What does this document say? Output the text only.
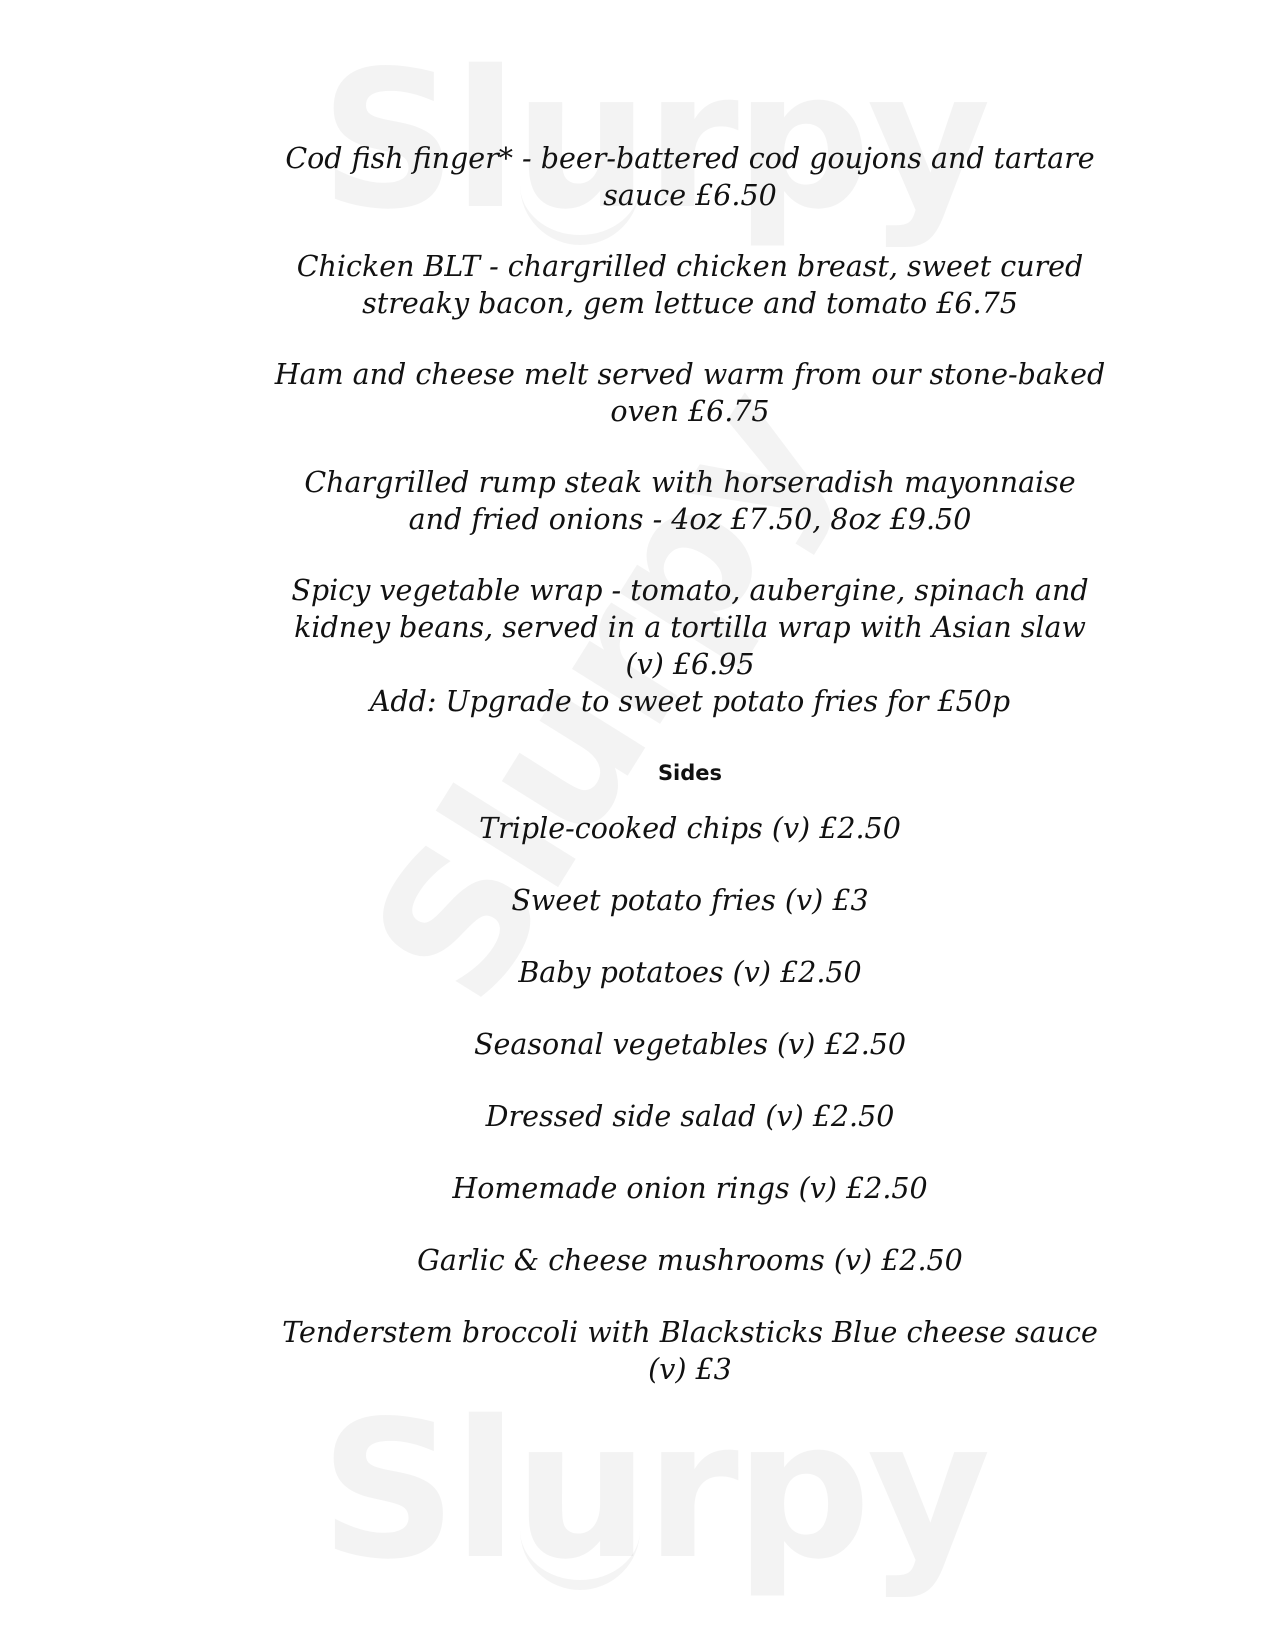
Cod fish finger* - beer-battered cod goujons and tartare
sauce £6.50
Chicken BLT - chargrilled chicken breast, sweet cured
streaky bacon, gem lettuce and tomato £6.75
Ham and cheese melt served warm from our stone-baked
oven £6.75
Chargrilled rump steak with horseradish mayonnaise
and fried onions - 4oz £7.50, 8oz £9.50
Spicy vegetable wrap - tomato, aubergine, spinach and
kidney beans, served in a tortilla wrap with Asian slaw
(v) £6.95
Add: Upgrade to sweet potato fries for £50p
Sides
Triple-cooked chips (v) £2.50
Sweet potato fries (v) £3
Baby potatoes (v) £2.50
Seasonal vegetables (v) £2.50
Dressed side salad (v) £2.50
Homemade onion rings (v) £2.50
Garlic & cheese mushrooms (v) £2.50
Tenderstem broccoli with Blacksticks Blue cheese sauce
(v) £3
